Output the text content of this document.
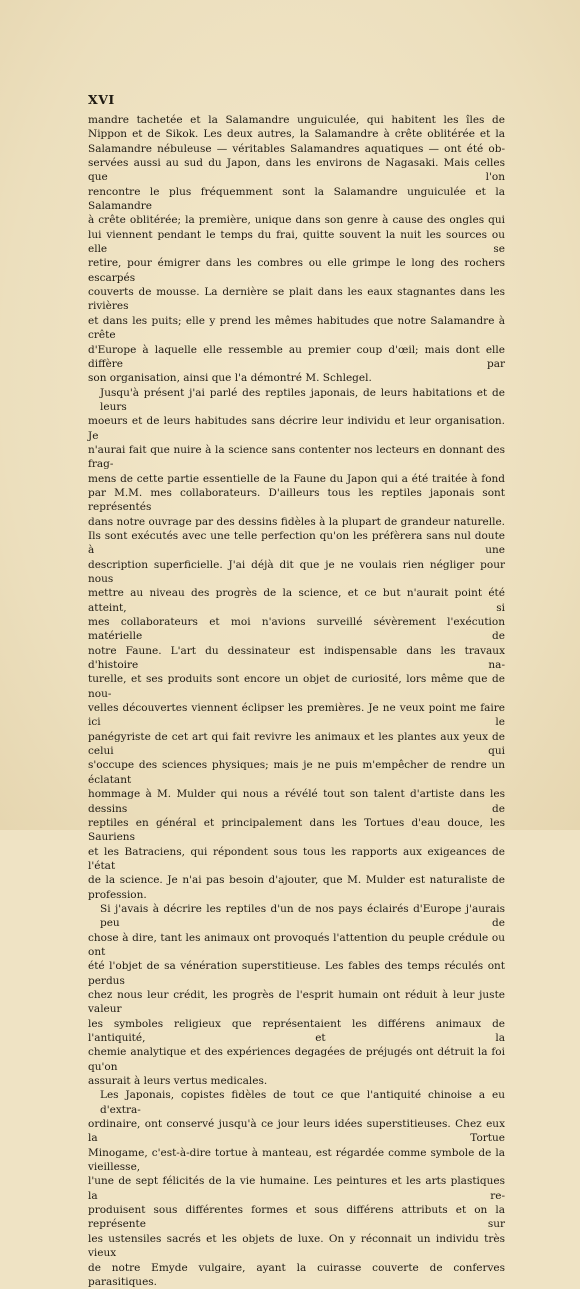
XVI

mandre tachetée et la Salamandre unguiculée, qui habitent les îles de

Nippon et de Sikok. Les deux autres, la Salamandre à crête oblitérée et la

Salamandre nébuleuse — véritables Salamandres aquatiques — ont été ob-

servées aussi au sud du Japon, dans les environs de Nagasaki. Mais celles que l'on

rencontre le plus fréquemment sont la Salamandre unguiculée et la Salamandre

à crête oblitérée; la première, unique dans son genre à cause des ongles qui

lui viennent pendant le temps du frai, quitte souvent la nuit les sources ou elle se

retire, pour émigrer dans les combres ou elle grimpe le long des rochers escarpés

couverts de mousse. La dernière se plait dans les eaux stagnantes dans les rivières

et dans les puits; elle y prend les mêmes habitudes que notre Salamandre à crête

d'Europe à laquelle elle ressemble au premier coup d'œil; mais dont elle diffère par

son organisation, ainsi que l'a démontré M. Schlegel.

Jusqu'à présent j'ai parlé des reptiles japonais, de leurs habitations et de leurs

moeurs et de leurs habitudes sans décrire leur individu et leur organisation. Je

n'aurai fait que nuire à la science sans contenter nos lecteurs en donnant des frag-

mens de cette partie essentielle de la Faune du Japon qui a été traitée à fond

par M.M. mes collaborateurs. D'ailleurs tous les reptiles japonais sont représentés

dans notre ouvrage par des dessins fidèles à la plupart de grandeur naturelle.

Ils sont exécutés avec une telle perfection qu'on les préfèrera sans nul doute à une

description superficielle. J'ai déjà dit que je ne voulais rien négliger pour nous

mettre au niveau des progrès de la science, et ce but n'aurait point été atteint, si

mes collaborateurs et moi n'avions surveillé sévèrement l'exécution matérielle de

notre Faune. L'art du dessinateur est indispensable dans les travaux d'histoire na-

turelle, et ses produits sont encore un objet de curiosité, lors même que de nou-

velles découvertes viennent éclipser les premières. Je ne veux point me faire ici le

panégyriste de cet art qui fait revivre les animaux et les plantes aux yeux de celui qui

s'occupe des sciences physiques; mais je ne puis m'empêcher de rendre un éclatant

hommage à M. Mulder qui nous a révélé tout son talent d'artiste dans les dessins de

reptiles en général et principalement dans les Tortues d'eau douce, les Sauriens

et les Batraciens, qui répondent sous tous les rapports aux exigeances de l'état

de la science. Je n'ai pas besoin d'ajouter, que M. Mulder est naturaliste de profession.

Si j'avais à décrire les reptiles d'un de nos pays éclairés d'Europe j'aurais peu de

chose à dire, tant les animaux ont provoqués l'attention du peuple crédule ou ont

été l'objet de sa vénération superstitieuse. Les fables des temps réculés ont perdus

chez nous leur crédit, les progrès de l'esprit humain ont réduit à leur juste valeur

les symboles religieux que représentaient les différens animaux de l'antiquité, et la

chemie analytique et des expériences degagées de préjugés ont détruit la foi qu'on

assurait à leurs vertus medicales.

Les Japonais, copistes fidèles de tout ce que l'antiquité chinoise a eu d'extra-

ordinaire, ont conservé jusqu'à ce jour leurs idées superstitieuses. Chez eux la Tortue

Minogame, c'est-à-dire tortue à manteau, est régardée comme symbole de la vieillesse,

l'une de sept félicités de la vie humaine. Les peintures et les arts plastiques la re-

produisent sous différentes formes et sous différens attributs et on la représente sur

les ustensiles sacrés et les objets de luxe. On y réconnait un individu très vieux

de notre Emyde vulgaire, ayant la cuirasse couverte de conferves parasitiques.
